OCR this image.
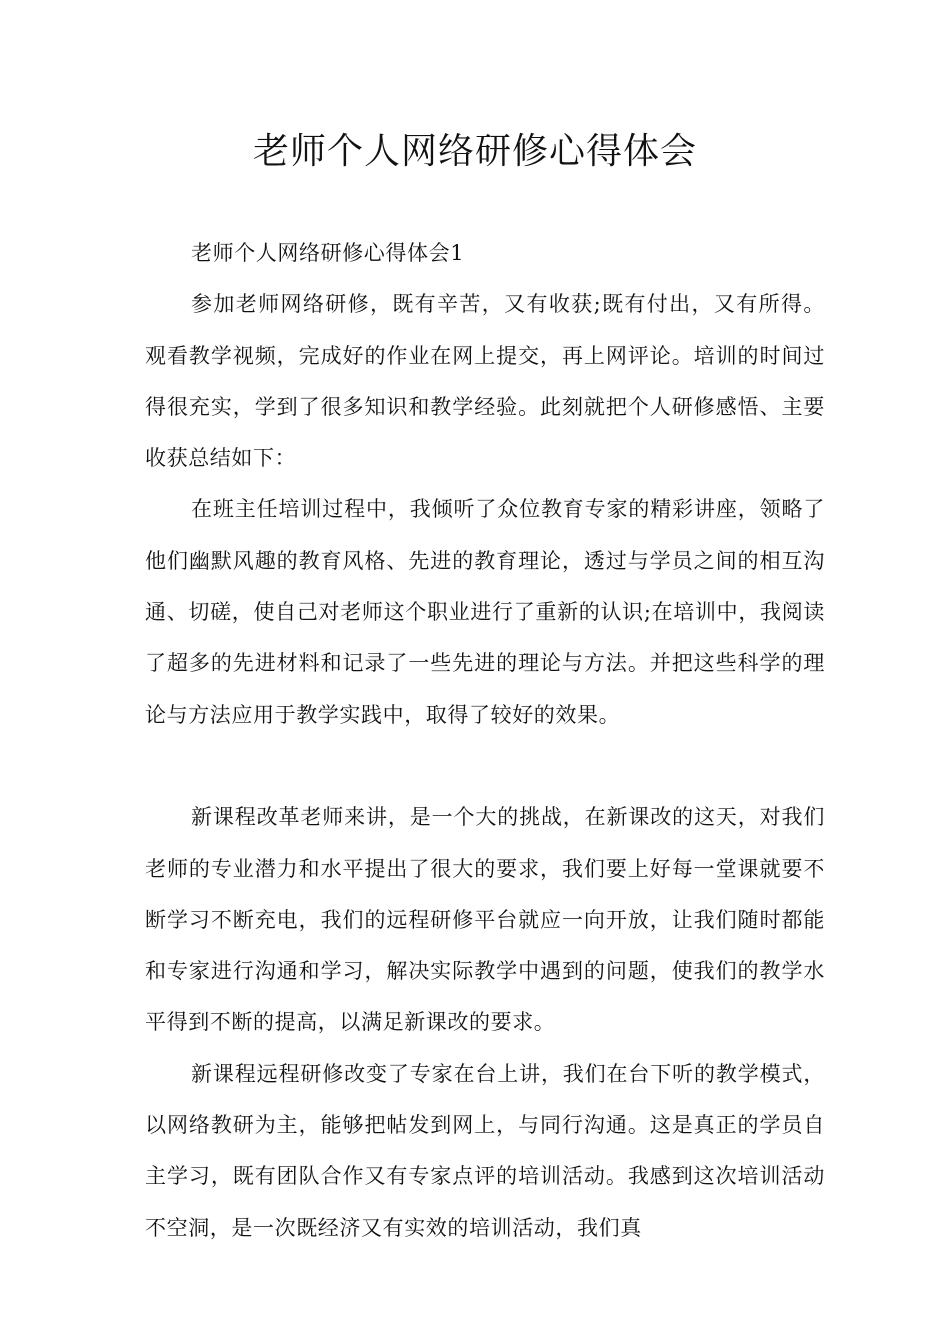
老师个人网络研修心得体会

老师个人网络研修心得体会1

参加老师网络研修，既有辛苦，又有收获;既有付出，又有所得。观看教学视频，完成好的作业在网上提交，再上网评论。培训的时间过得很充实，学到了很多知识和教学经验。此刻就把个人研修感悟、主要收获总结如下：

在班主任培训过程中，我倾听了众位教育专家的精彩讲座，领略了他们幽默风趣的教育风格、先进的教育理论，透过与学员之间的相互沟通、切磋，使自己对老师这个职业进行了重新的认识;在培训中，我阅读了超多的先进材料和记录了一些先进的理论与方法。并把这些科学的理论与方法应用于教学实践中，取得了较好的效果。

新课程改革老师来讲，是一个大的挑战，在新课改的这天，对我们老师的专业潜力和水平提出了很大的要求，我们要上好每一堂课就要不断学习不断充电，我们的远程研修平台就应一向开放，让我们随时都能和专家进行沟通和学习，解决实际教学中遇到的问题，使我们的教学水平得到不断的提高，以满足新课改的要求。

新课程远程研修改变了专家在台上讲，我们在台下听的教学模式，以网络教研为主，能够把帖发到网上，与同行沟通。这是真正的学员自主学习，既有团队合作又有专家点评的培训活动。我感到这次培训活动不空洞，是一次既经济又有实效的培训活动，我们真
